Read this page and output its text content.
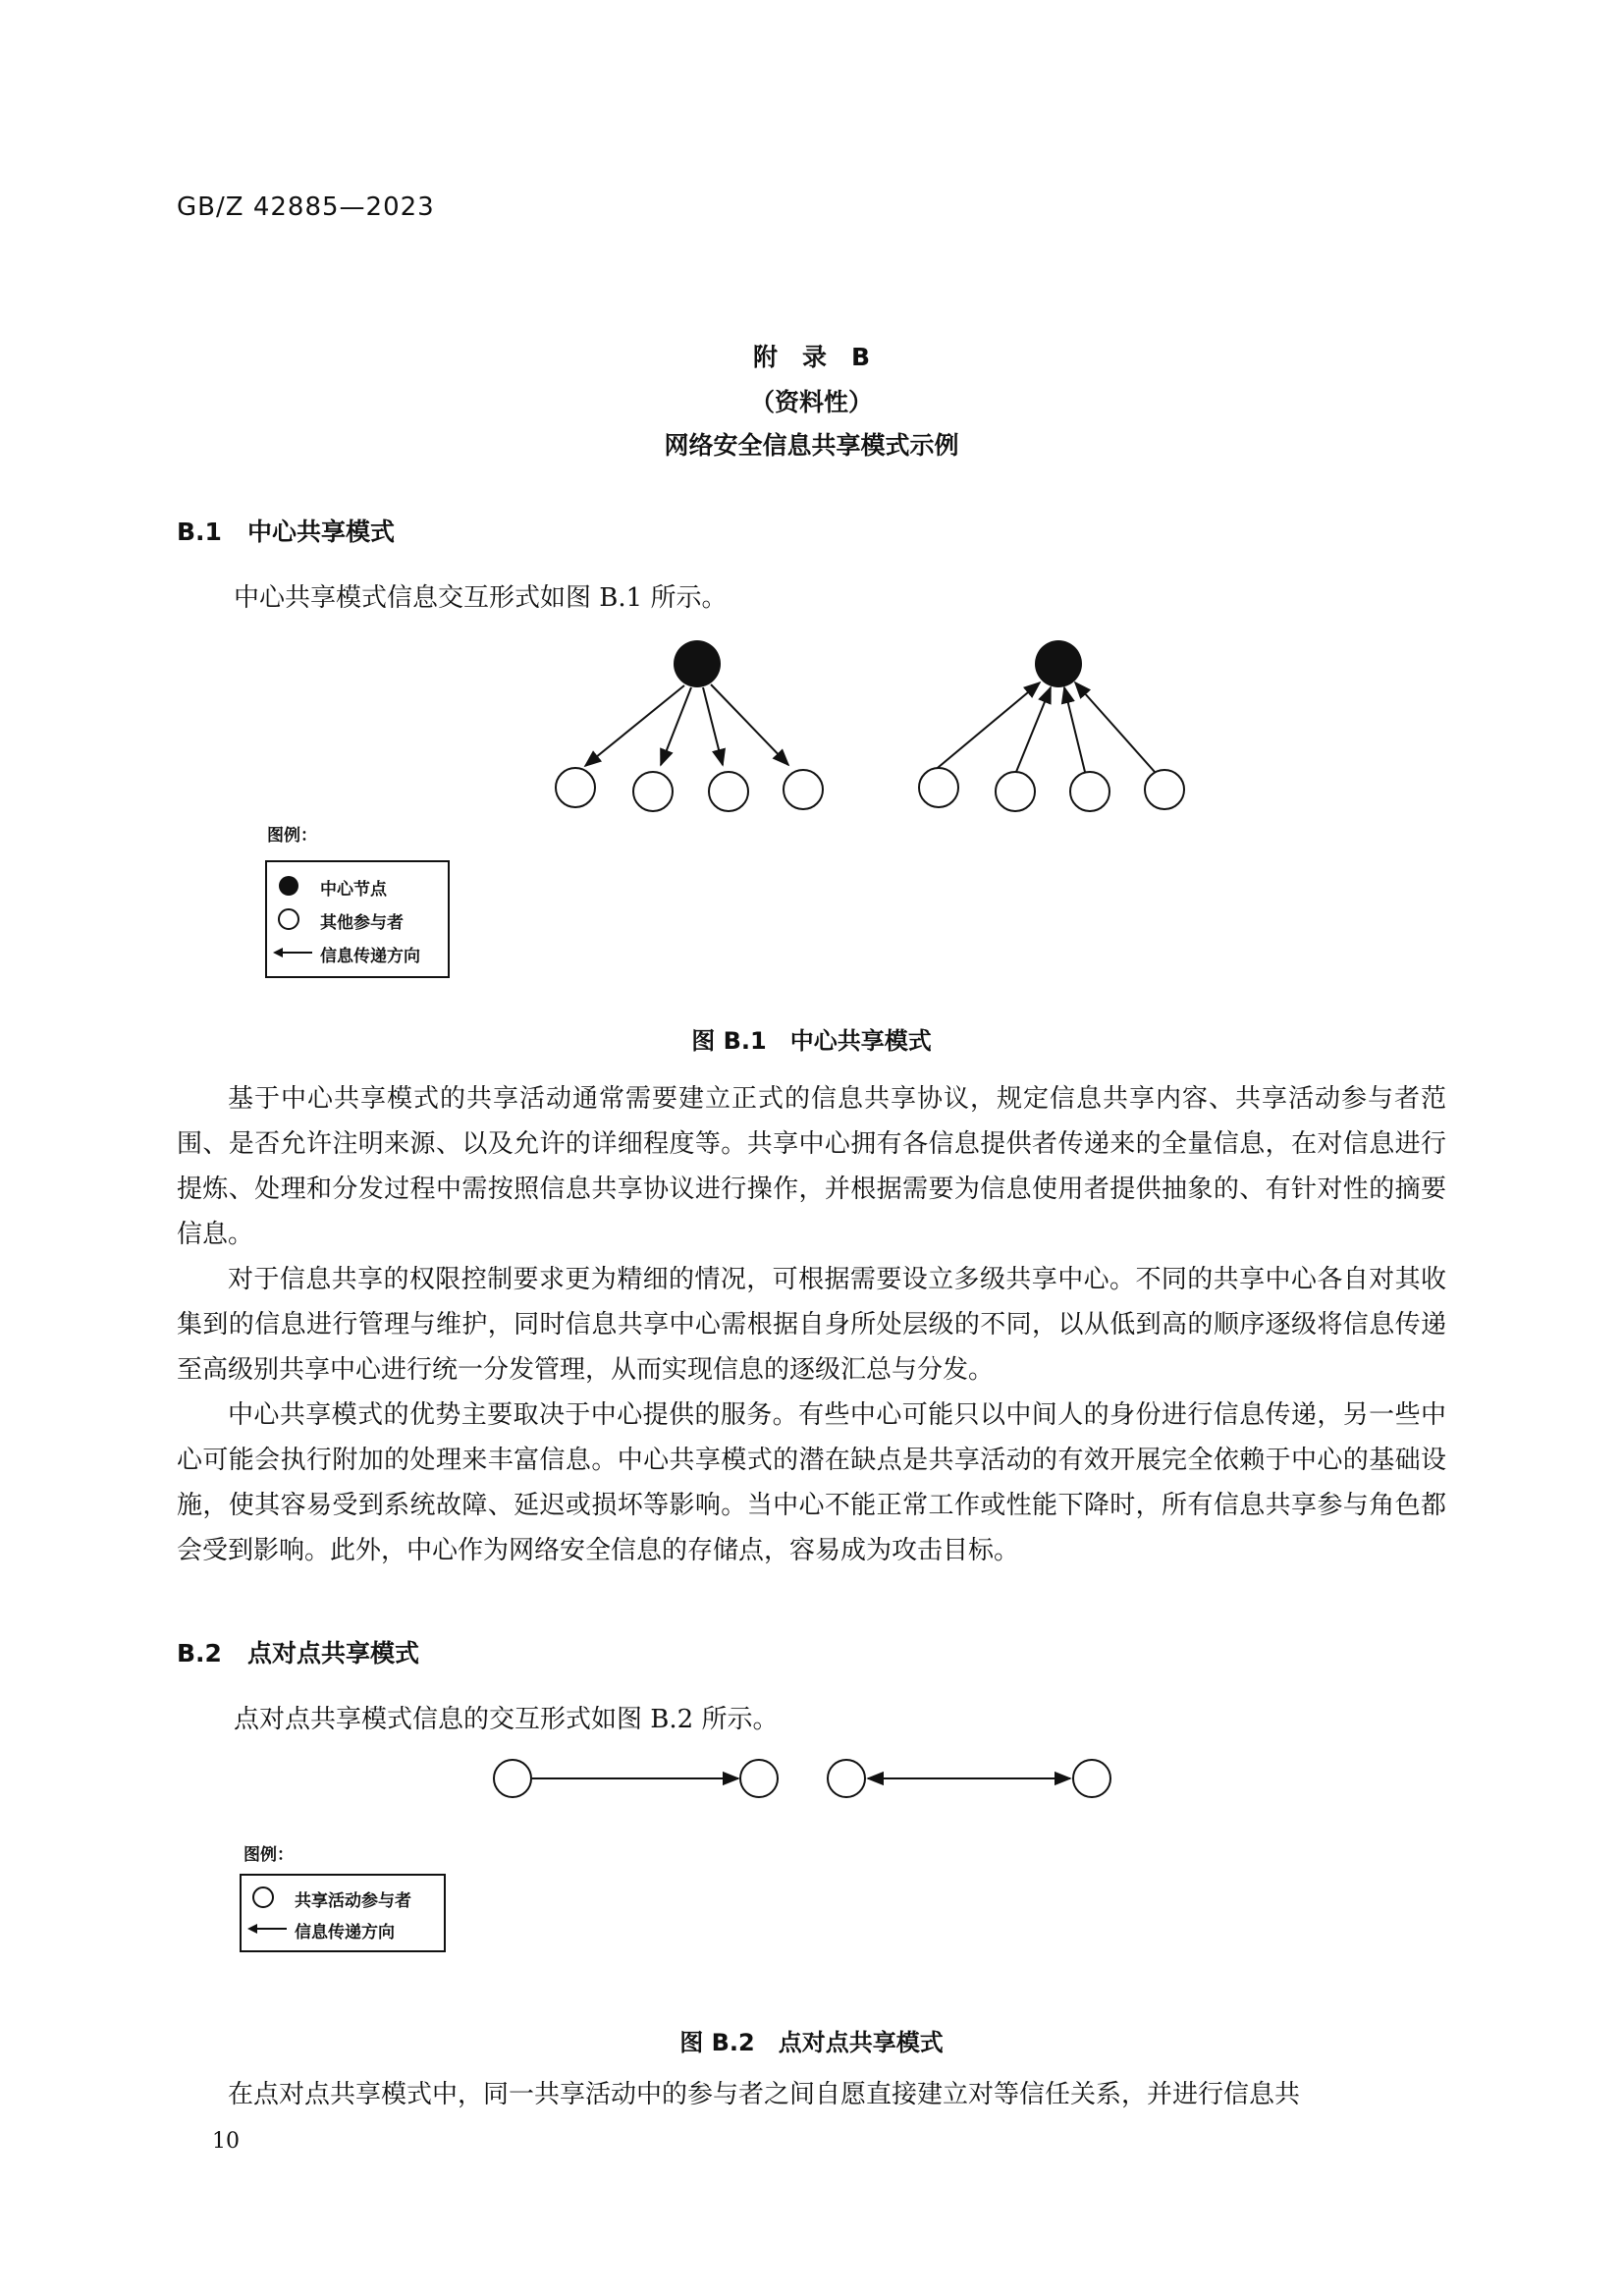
GB/Z 42885—2023
附　录　B
（资料性）
网络安全信息共享模式示例
B.1 中心共享模式
中心共享模式信息交互形式如图 B.1 所示。
图例：
中心节点
其他参与者
信息传递方向
图 B.1　中心共享模式

基于中心共享模式的共享活动通常需要建立正式的信息共享协议，规定信息共享内容、共享活动参与者范围、是否允许注明来源、以及允许的详细程度等。共享中心拥有各信息提供者传递来的全量信息，在对信息进行提炼、处理和分发过程中需按照信息共享协议进行操作，并根据需要为信息使用者提供抽象的、有针对性的摘要信息。

对于信息共享的权限控制要求更为精细的情况，可根据需要设立多级共享中心。不同的共享中心各自对其收集到的信息进行管理与维护，同时信息共享中心需根据自身所处层级的不同，以从低到高的顺序逐级将信息传递至高级别共享中心进行统一分发管理，从而实现信息的逐级汇总与分发。

中心共享模式的优势主要取决于中心提供的服务。有些中心可能只以中间人的身份进行信息传递，另一些中心可能会执行附加的处理来丰富信息。中心共享模式的潜在缺点是共享活动的有效开展完全依赖于中心的基础设施，使其容易受到系统故障、延迟或损坏等影响。当中心不能正常工作或性能下降时，所有信息共享参与角色都会受到影响。此外，中心作为网络安全信息的存储点，容易成为攻击目标。

B.2 点对点共享模式
点对点共享模式信息的交互形式如图 B.2 所示。
图例：
共享活动参与者
信息传递方向
图 B.2　点对点共享模式

在点对点共享模式中，同一共享活动中的参与者之间自愿直接建立对等信任关系，并进行信息共

10
